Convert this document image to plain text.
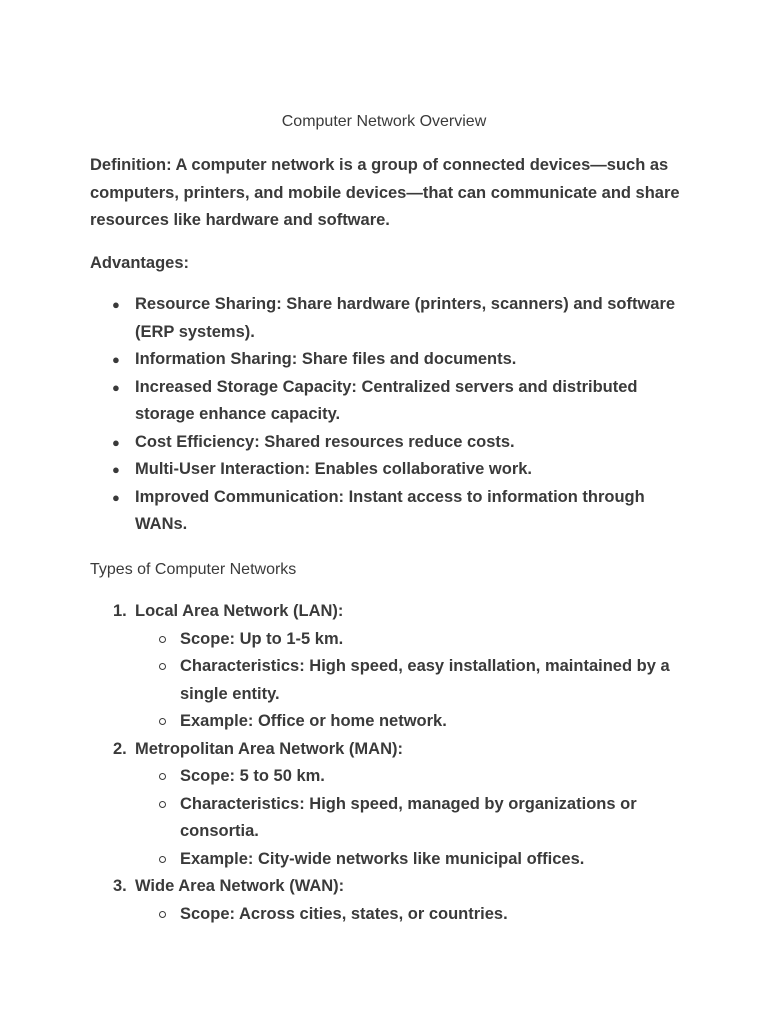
Computer Network Overview
Definition: A computer network is a group of connected devices—such as computers, printers, and mobile devices—that can communicate and share resources like hardware and software.
Advantages:
● Resource Sharing: Share hardware (printers, scanners) and software (ERP systems).
● Information Sharing: Share files and documents.
● Increased Storage Capacity: Centralized servers and distributed storage enhance capacity.
● Cost Efficiency: Shared resources reduce costs.
● Multi-User Interaction: Enables collaborative work.
● Improved Communication: Instant access to information through WANs.
Types of Computer Networks
1. Local Area Network (LAN):
Scope: Up to 1-5 km.
Characteristics: High speed, easy installation, maintained by a single entity.
Example: Office or home network.
2. Metropolitan Area Network (MAN):
Scope: 5 to 50 km.
Characteristics: High speed, managed by organizations or consortia.
Example: City-wide networks like municipal offices.
3. Wide Area Network (WAN):
Scope: Across cities, states, or countries.
